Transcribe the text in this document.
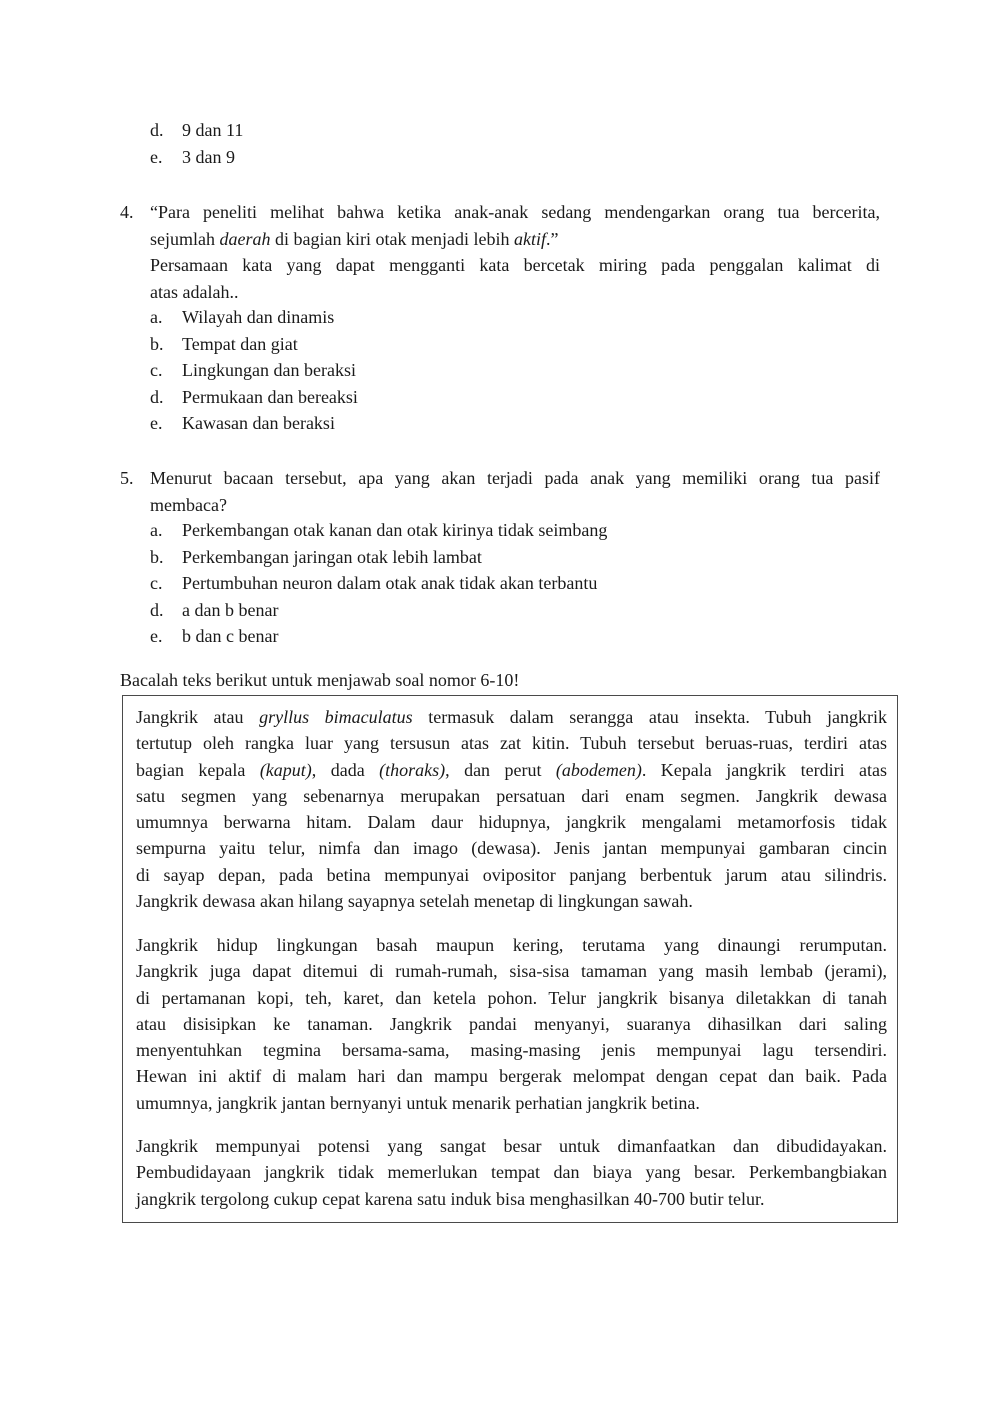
d.	9 dan 11
e.	3 dan 9
4. “Para peneliti melihat bahwa ketika anak-anak sedang mendengarkan orang tua bercerita,
sejumlah daerah di bagian kiri otak menjadi lebih aktif.”
Persamaan kata yang dapat mengganti kata bercetak miring pada penggalan kalimat di
atas adalah..
a.	Wilayah dan dinamis
b.	Tempat dan giat
c.	Lingkungan dan beraksi
d.	Permukaan dan bereaksi
e.	Kawasan dan beraksi
5. Menurut bacaan tersebut, apa yang akan terjadi pada anak yang memiliki orang tua pasif
membaca?
a.	Perkembangan otak kanan dan otak kirinya tidak seimbang
b.	Perkembangan jaringan otak lebih lambat
c.	Pertumbuhan neuron dalam otak anak tidak akan terbantu
d.	a dan b benar
e.	b dan c benar
Bacalah teks berikut untuk menjawab soal nomor 6-10!
Jangkrik atau gryllus bimaculatus termasuk dalam serangga atau insekta. Tubuh jangkrik
tertutup oleh rangka luar yang tersusun atas zat kitin. Tubuh tersebut beruas-ruas, terdiri atas
bagian kepala (kaput), dada (thoraks), dan perut (abodemen). Kepala jangkrik terdiri atas
satu segmen yang sebenarnya merupakan persatuan dari enam segmen. Jangkrik dewasa
umumnya berwarna hitam. Dalam daur hidupnya, jangkrik mengalami metamorfosis tidak
sempurna yaitu telur, nimfa dan imago (dewasa). Jenis jantan mempunyai gambaran cincin
di sayap depan, pada betina mempunyai ovipositor panjang berbentuk jarum atau silindris.
Jangkrik dewasa akan hilang sayapnya setelah menetap di lingkungan sawah.
Jangkrik hidup lingkungan basah maupun kering, terutama yang dinaungi rerumputan.
Jangkrik juga dapat ditemui di rumah-rumah, sisa-sisa tamaman yang masih lembab (jerami),
di pertamanan kopi, teh, karet, dan ketela pohon. Telur jangkrik bisanya diletakkan di tanah
atau disisipkan ke tanaman. Jangkrik pandai menyanyi, suaranya dihasilkan dari saling
menyentuhkan tegmina bersama-sama, masing-masing jenis mempunyai lagu tersendiri.
Hewan ini aktif di malam hari dan mampu bergerak melompat dengan cepat dan baik. Pada
umumnya, jangkrik jantan bernyanyi untuk menarik perhatian jangkrik betina.
Jangkrik mempunyai potensi yang sangat besar untuk dimanfaatkan dan dibudidayakan.
Pembudidayaan jangkrik tidak memerlukan tempat dan biaya yang besar. Perkembangbiakan
jangkrik tergolong cukup cepat karena satu induk bisa menghasilkan 40-700 butir telur.
